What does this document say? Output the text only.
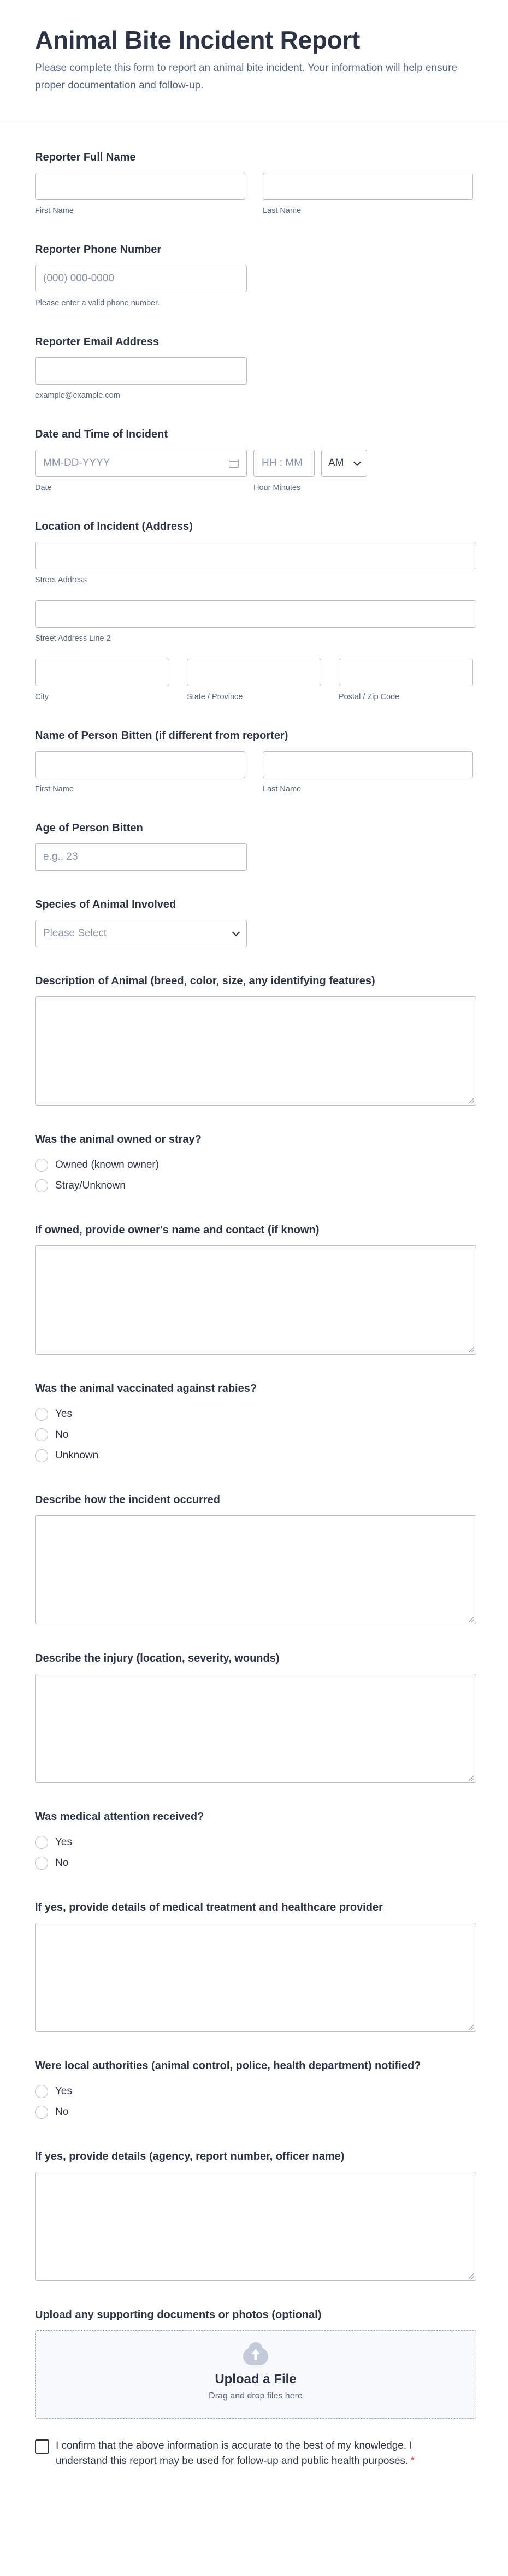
Animal Bite Incident Report

Please complete this form to report an animal bite incident. Your information will help ensure proper documentation and follow-up.

Reporter Full Name
First Name	Last Name
Reporter Phone Number
(000) 000-0000
Please enter a valid phone number.
Reporter Email Address
example@example.com
Date and Time of Incident
MM-DD-YYYY
Date
HH : MM
Hour Minutes
AM
Location of Incident (Address)
Street Address
Street Address Line 2
City	State / Province	Postal / Zip Code
Name of Person Bitten (if different from reporter)
First Name	Last Name
Age of Person Bitten
e.g., 23
Species of Animal Involved
Please Select
Description of Animal (breed, color, size, any identifying features)
Was the animal owned or stray?
Owned (known owner)
Stray/Unknown
If owned, provide owner's name and contact (if known)
Was the animal vaccinated against rabies?
Yes
No
Unknown
Describe how the incident occurred
Describe the injury (location, severity, wounds)
Was medical attention received?
Yes
No
If yes, provide details of medical treatment and healthcare provider
Were local authorities (animal control, police, health department) notified?
Yes
No
If yes, provide details (agency, report number, officer name)
Upload any supporting documents or photos (optional)
Upload a File
Drag and drop files here
I confirm that the above information is accurate to the best of my knowledge. I understand this report may be used for follow-up and public health purposes. *
